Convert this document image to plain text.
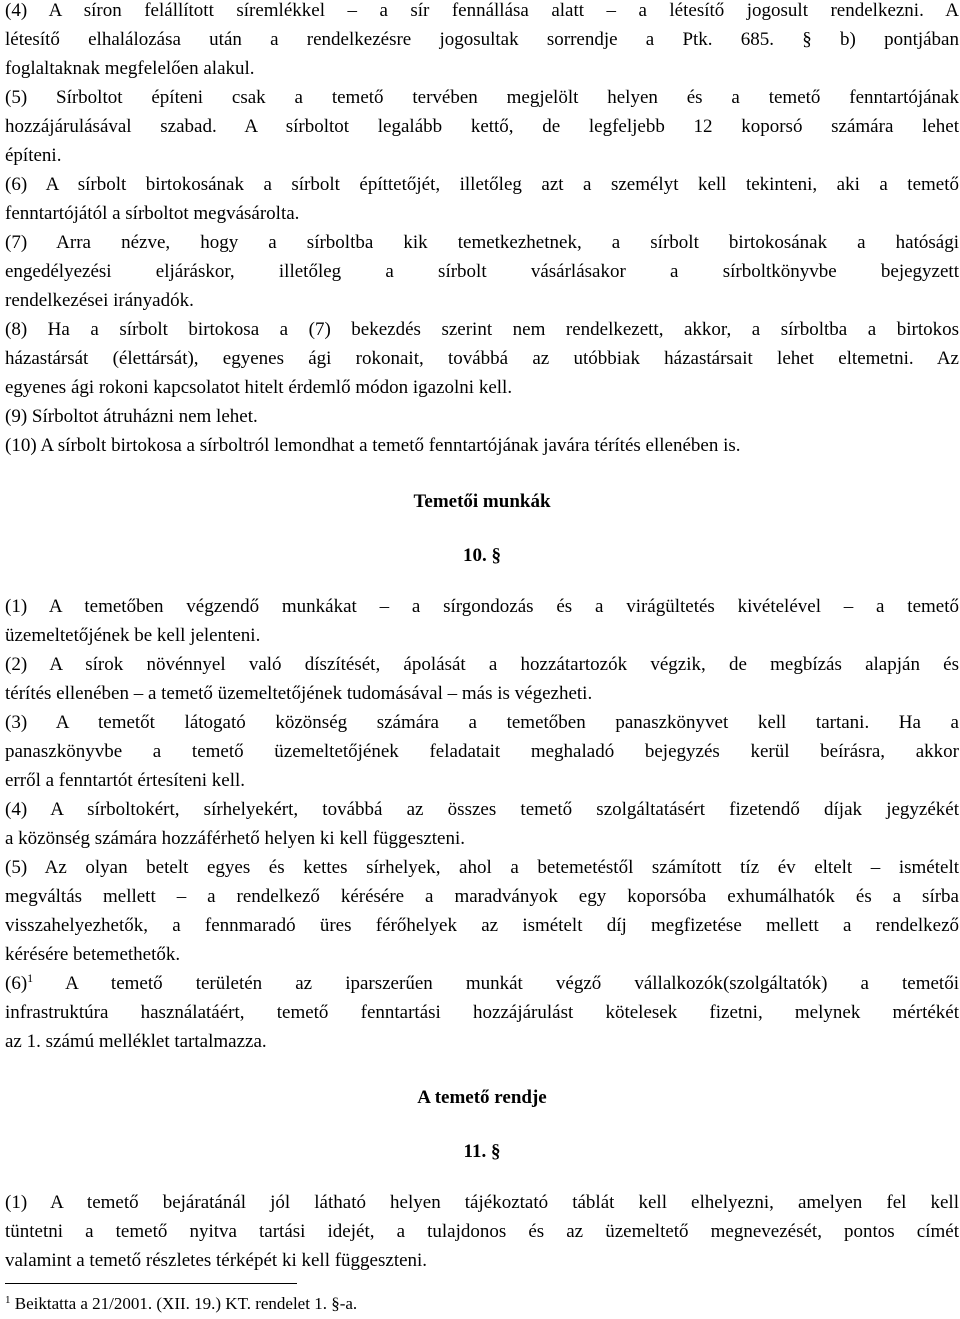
(4) A síron felállított síremlékkel – a sír fennállása alatt – a létesítő jogosult rendelkezni. A
létesítő elhalálozása után a rendelkezésre jogosultak sorrendje a Ptk. 685. § b) pontjában
foglaltaknak megfelelően alakul.

(5) Sírboltot építeni csak a temető tervében megjelölt helyen és a temető fenntartójának
hozzájárulásával szabad. A sírboltot legalább kettő, de legfeljebb 12 koporsó számára lehet
építeni.

(6) A sírbolt birtokosának a sírbolt építtetőjét, illetőleg azt a személyt kell tekinteni, aki a temető
fenntartójától a sírboltot megvásárolta.

(7) Arra nézve, hogy a sírboltba kik temetkezhetnek, a sírbolt birtokosának a hatósági
engedélyezési eljáráskor, illetőleg a sírbolt vásárlásakor a sírboltkönyvbe bejegyzett
rendelkezései irányadók.

(8) Ha a sírbolt birtokosa a (7) bekezdés szerint nem rendelkezett, akkor, a sírboltba a birtokos
házastársát (élettársát), egyenes ági rokonait, továbbá az utóbbiak házastársait lehet eltemetni. Az
egyenes ági rokoni kapcsolatot hitelt érdemlő módon igazolni kell.

(9) Sírboltot átruházni nem lehet.

(10) A sírbolt birtokosa a sírboltról lemondhat a temető fenntartójának javára térítés ellenében is.

Temetői munkák
10. §

(1) A temetőben végzendő munkákat – a sírgondozás és a virágültetés kivételével – a temető
üzemeltetőjének be kell jelenteni.

(2) A sírok növénnyel való díszítését, ápolását a hozzátartozók végzik, de megbízás alapján és
térítés ellenében – a temető üzemeltetőjének tudomásával – más is végezheti.

(3) A temetőt látogató közönség számára a temetőben panaszkönyvet kell tartani. Ha a
panaszkönyvbe a temető üzemeltetőjének feladatait meghaladó bejegyzés kerül beírásra, akkor
erről a fenntartót értesíteni kell.

(4) A sírboltokért, sírhelyekért, továbbá az összes temető szolgáltatásért fizetendő díjak jegyzékét
a közönség számára hozzáférhető helyen ki kell függeszteni.

(5) Az olyan betelt egyes és kettes sírhelyek, ahol a betemetéstől számított tíz év eltelt – ismételt
megváltás mellett – a rendelkező kérésére a maradványok egy koporsóba exhumálhatók és a sírba
visszahelyezhetők, a fennmaradó üres férőhelyek az ismételt díj megfizetése mellett a rendelkező
kérésére betemethetők.

$(6)^1$ A temető területén az iparszerűen munkát végző vállalkozók(szolgáltatók) a temetői
infrastruktúra használatáért, temető fenntartási hozzájárulást kötelesek fizetni, melynek mértékét
az 1. számú melléklet tartalmazza.

A temető rendje
11. §

(1) A temető bejáratánál jól látható helyen tájékoztató táblát kell elhelyezni, amelyen fel kell
tüntetni a temető nyitva tartási idejét, a tulajdonos és az üzemeltető megnevezését, pontos címét
valamint a temető részletes térképét ki kell függeszteni.

$^1$ Beiktatta a 21/2001. (XII. 19.) KT. rendelet 1. §-a.
